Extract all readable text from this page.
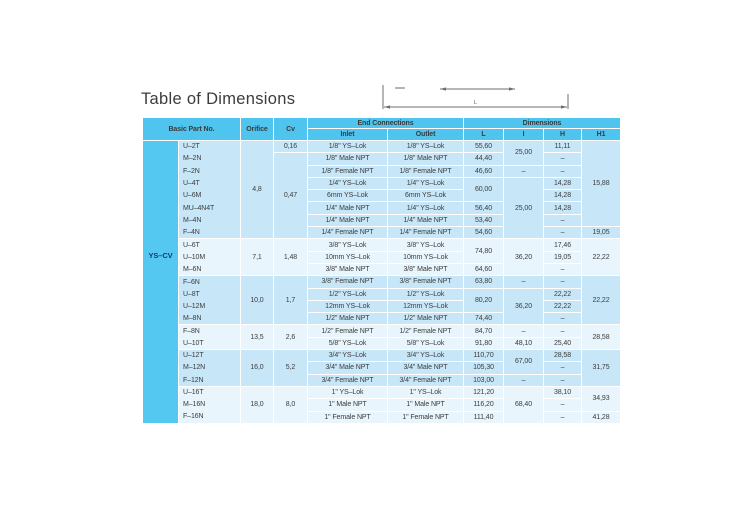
Table of Dimensions	L
Basic Part No.		Orifice	Cv	End Connections		Dimensions			
				Inlet	Outlet	L	I	H	H1

YS–CV	U–2T	4,8	0,16	1/8" YS–Lok	1/8" YS–Lok	55,60	25,00	11,11	15,88
	M–2N		0,47	1/8" Male NPT	1/8" Male NPT	44,40		–	
	F–2N			1/8" Female NPT	1/8" Female NPT	46,60	–	–	
	U–4T			1/4" YS–Lok	1/4" YS–Lok	60,00	25,00	14,28	
	U–6M			6mm YS–Lok	6mm YS–Lok			14,28	
	MU–4N4T			1/4" Male NPT	1/4" YS–Lok	56,40		14,28	
	M–4N			1/4" Male NPT	1/4" Male NPT	53,40		–	
	F–4N			1/4" Female NPT	1/4" Female NPT	54,60		–	19,05
	U–6T	7,1	1,48	3/8" YS–Lok	3/8" YS–Lok	74,80	36,20	17,46	22,22
	U–10M			10mm YS–Lok	10mm YS–Lok			19,05	
	M–6N			3/8" Male NPT	3/8" Male NPT	64,60		–	
	F–6N	10,0	1,7	3/8" Female NPT	3/8" Female NPT	63,80	–	–	22,22
	U–8T			1/2" YS–Lok	1/2" YS–Lok	80,20	36,20	22,22	
	U–12M			12mm YS–Lok	12mm YS–Lok			22,22	
	M–8N			1/2" Male NPT	1/2" Male NPT	74,40		–	
	F–8N	13,5	2,6	1/2" Female NPT	1/2" Female NPT	84,70	–	–	28,58
	U–10T			5/8" YS–Lok	5/8" YS–Lok	91,80	48,10	25,40	
	U–12T	16,0	5,2	3/4" YS–Lok	3/4" YS–Lok	110,70	67,00	28,58	31,75
	M–12N			3/4" Male NPT	3/4" Male NPT	105,30		–	
	F–12N			3/4" Female NPT	3/4" Female NPT	103,00	–	–	
	U–16T	18,0	8,0	1" YS–Lok	1" YS–Lok	121,20	68,40	38,10	34,93
	M–16N			1" Male NPT	1" Male NPT	116,20		–	
	F–16N			1" Female NPT	1" Female NPT	111,40		–	41,28
